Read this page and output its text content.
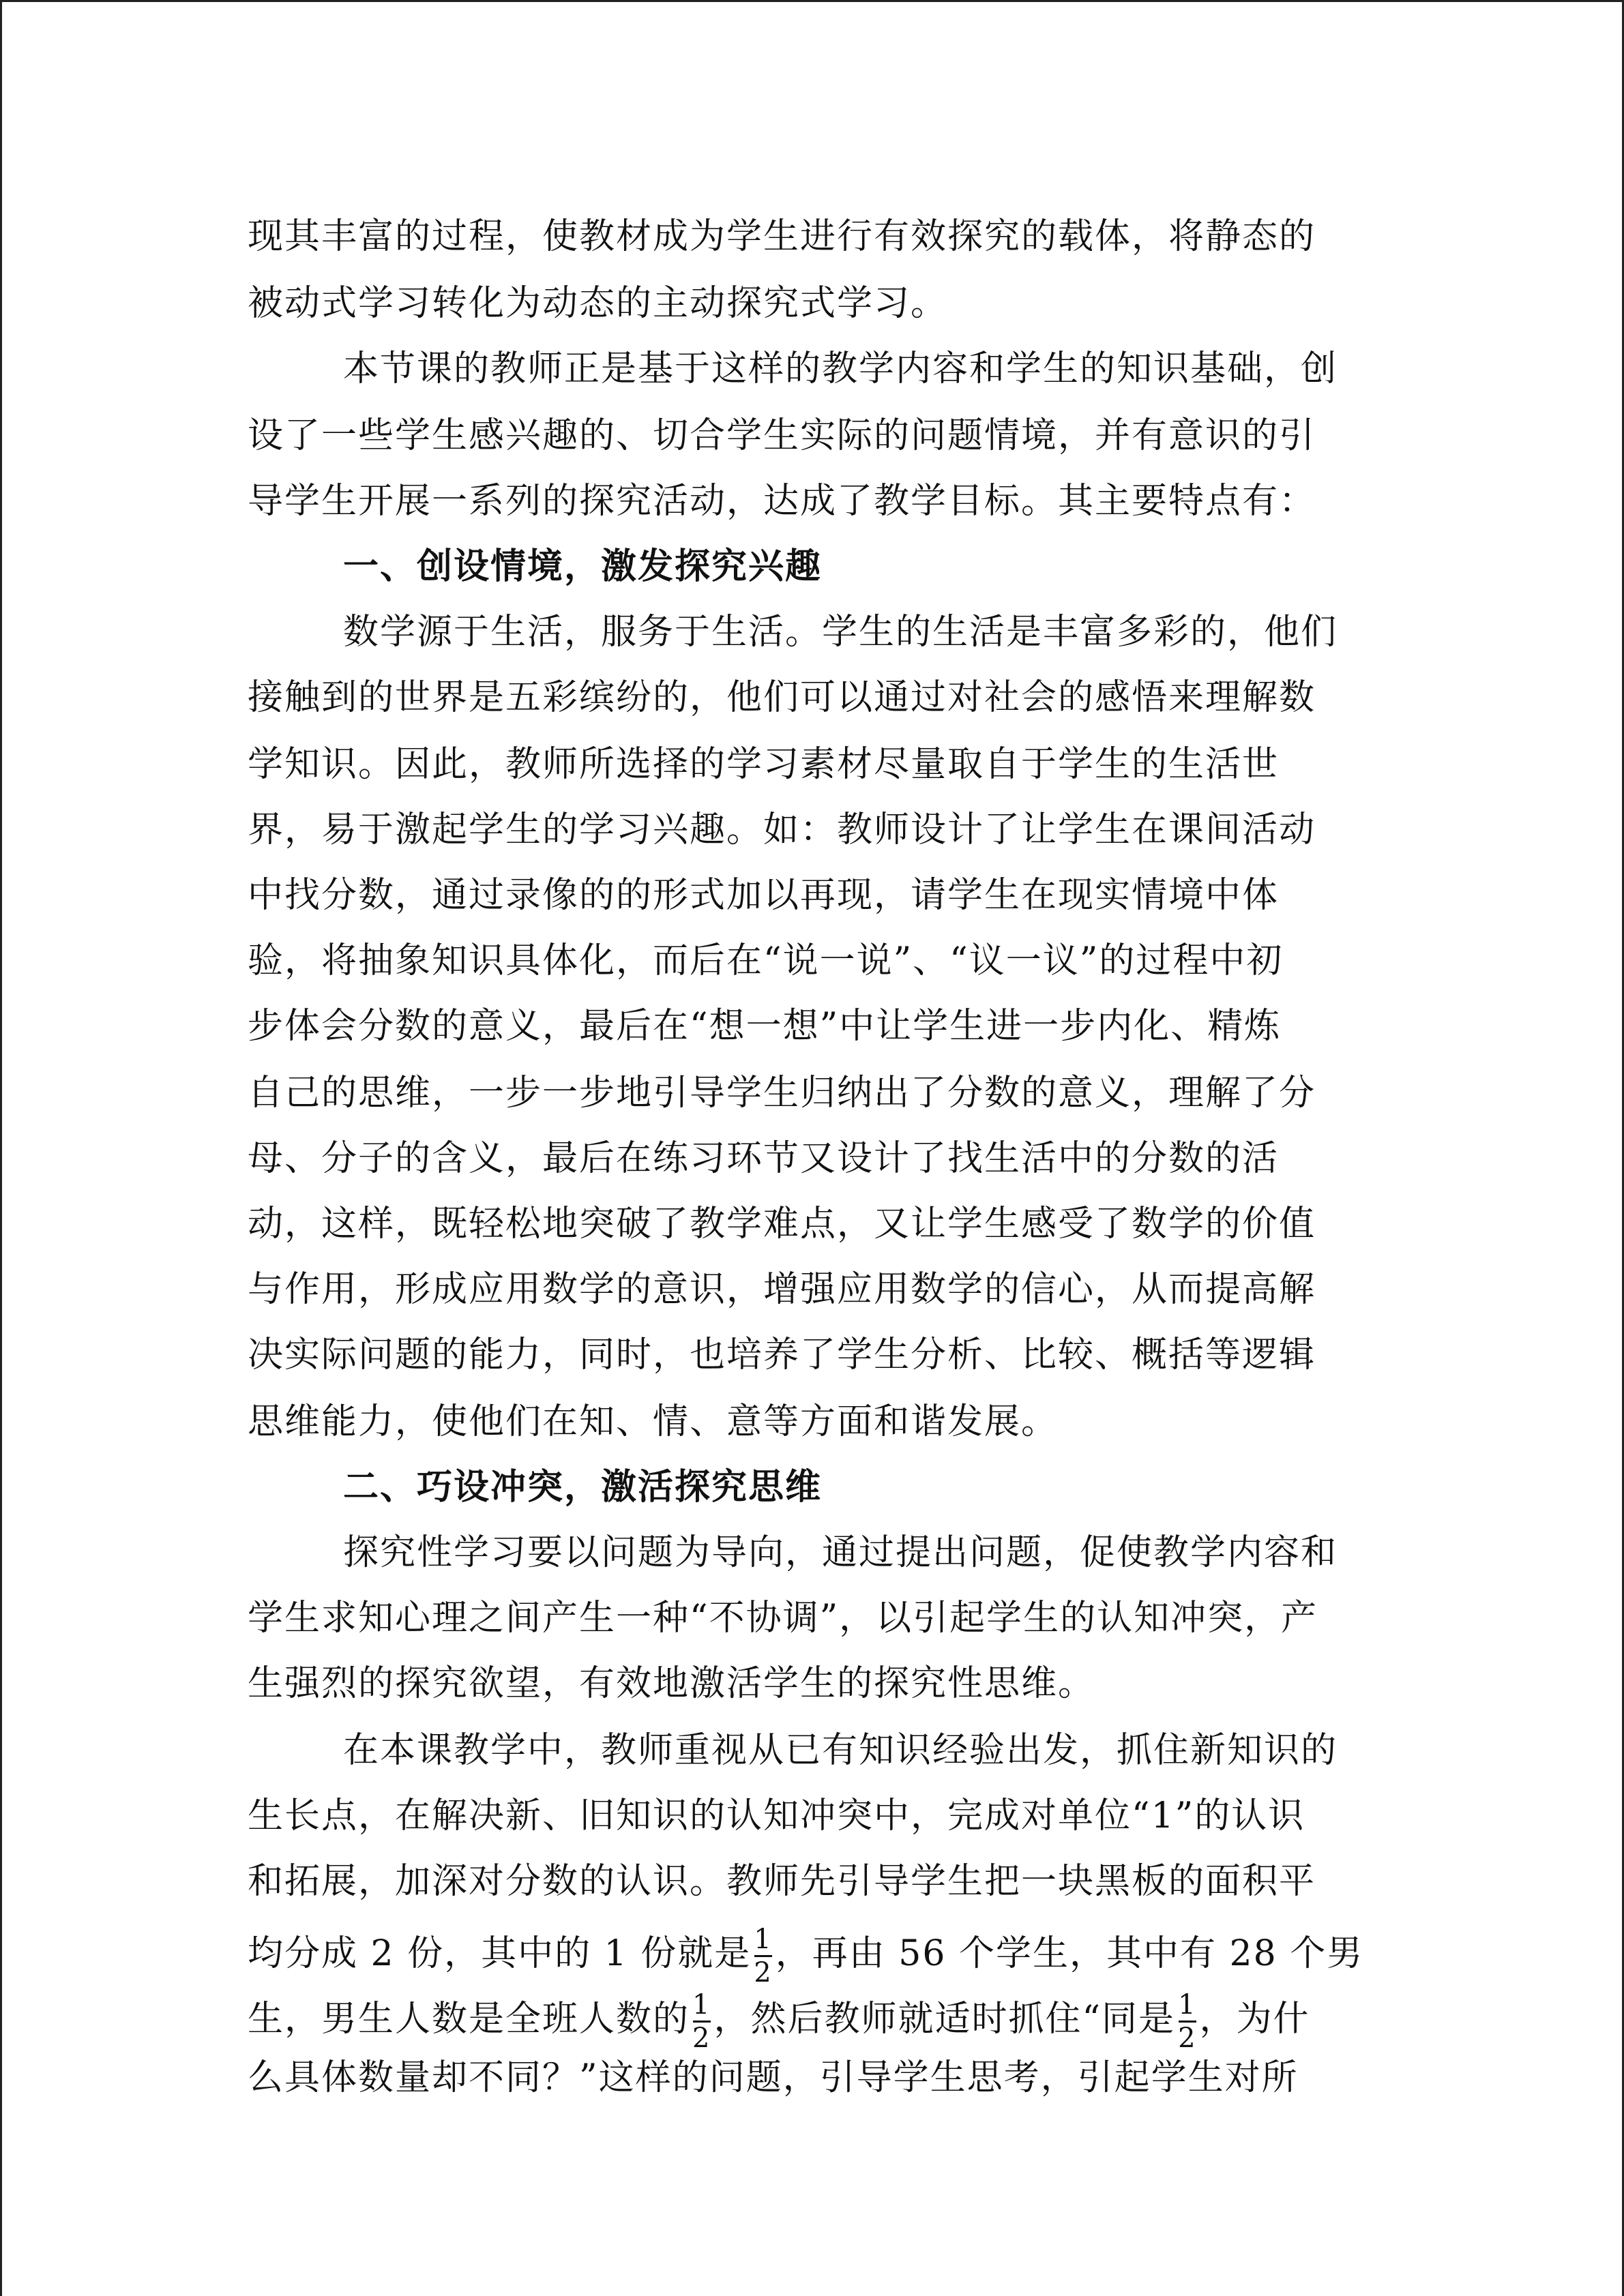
现其丰富的过程，使教材成为学生进行有效探究的载体，将静态的
被动式学习转化为动态的主动探究式学习。
本节课的教师正是基于这样的教学内容和学生的知识基础，创
设了一些学生感兴趣的、切合学生实际的问题情境，并有意识的引
导学生开展一系列的探究活动，达成了教学目标。其主要特点有：
一、创设情境，激发探究兴趣
数学源于生活，服务于生活。学生的生活是丰富多彩的，他们
接触到的世界是五彩缤纷的，他们可以通过对社会的感悟来理解数
学知识。因此，教师所选择的学习素材尽量取自于学生的生活世
界，易于激起学生的学习兴趣。如：教师设计了让学生在课间活动
中找分数，通过录像的的形式加以再现，请学生在现实情境中体
验，将抽象知识具体化，而后在“说一说”、“议一议”的过程中初
步体会分数的意义，最后在“想一想”中让学生进一步内化、精炼
自己的思维，一步一步地引导学生归纳出了分数的意义，理解了分
母、分子的含义，最后在练习环节又设计了找生活中的分数的活
动，这样，既轻松地突破了教学难点，又让学生感受了数学的价值
与作用，形成应用数学的意识，增强应用数学的信心，从而提高解
决实际问题的能力，同时，也培养了学生分析、比较、概括等逻辑
思维能力，使他们在知、情、意等方面和谐发展。
二、巧设冲突，激活探究思维
探究性学习要以问题为导向，通过提出问题，促使教学内容和
学生求知心理之间产生一种“不协调”，以引起学生的认知冲突，产
生强烈的探究欲望，有效地激活学生的探究性思维。
在本课教学中，教师重视从已有知识经验出发，抓住新知识的
生长点，在解决新、旧知识的认知冲突中，完成对单位“1”的认识
和拓展，加深对分数的认识。教师先引导学生把一块黑板的面积平
均分成 2 份，其中的 1 份就是 $\frac{1}{2}$ ，再由 56 个学生，其中有 28 个男
生，男生人数是全班人数的 $\frac{1}{2}$ ，然后教师就适时抓住“同是 $\frac{1}{2}$ ，为什
么具体数量却不同？”这样的问题，引导学生思考，引起学生对所
